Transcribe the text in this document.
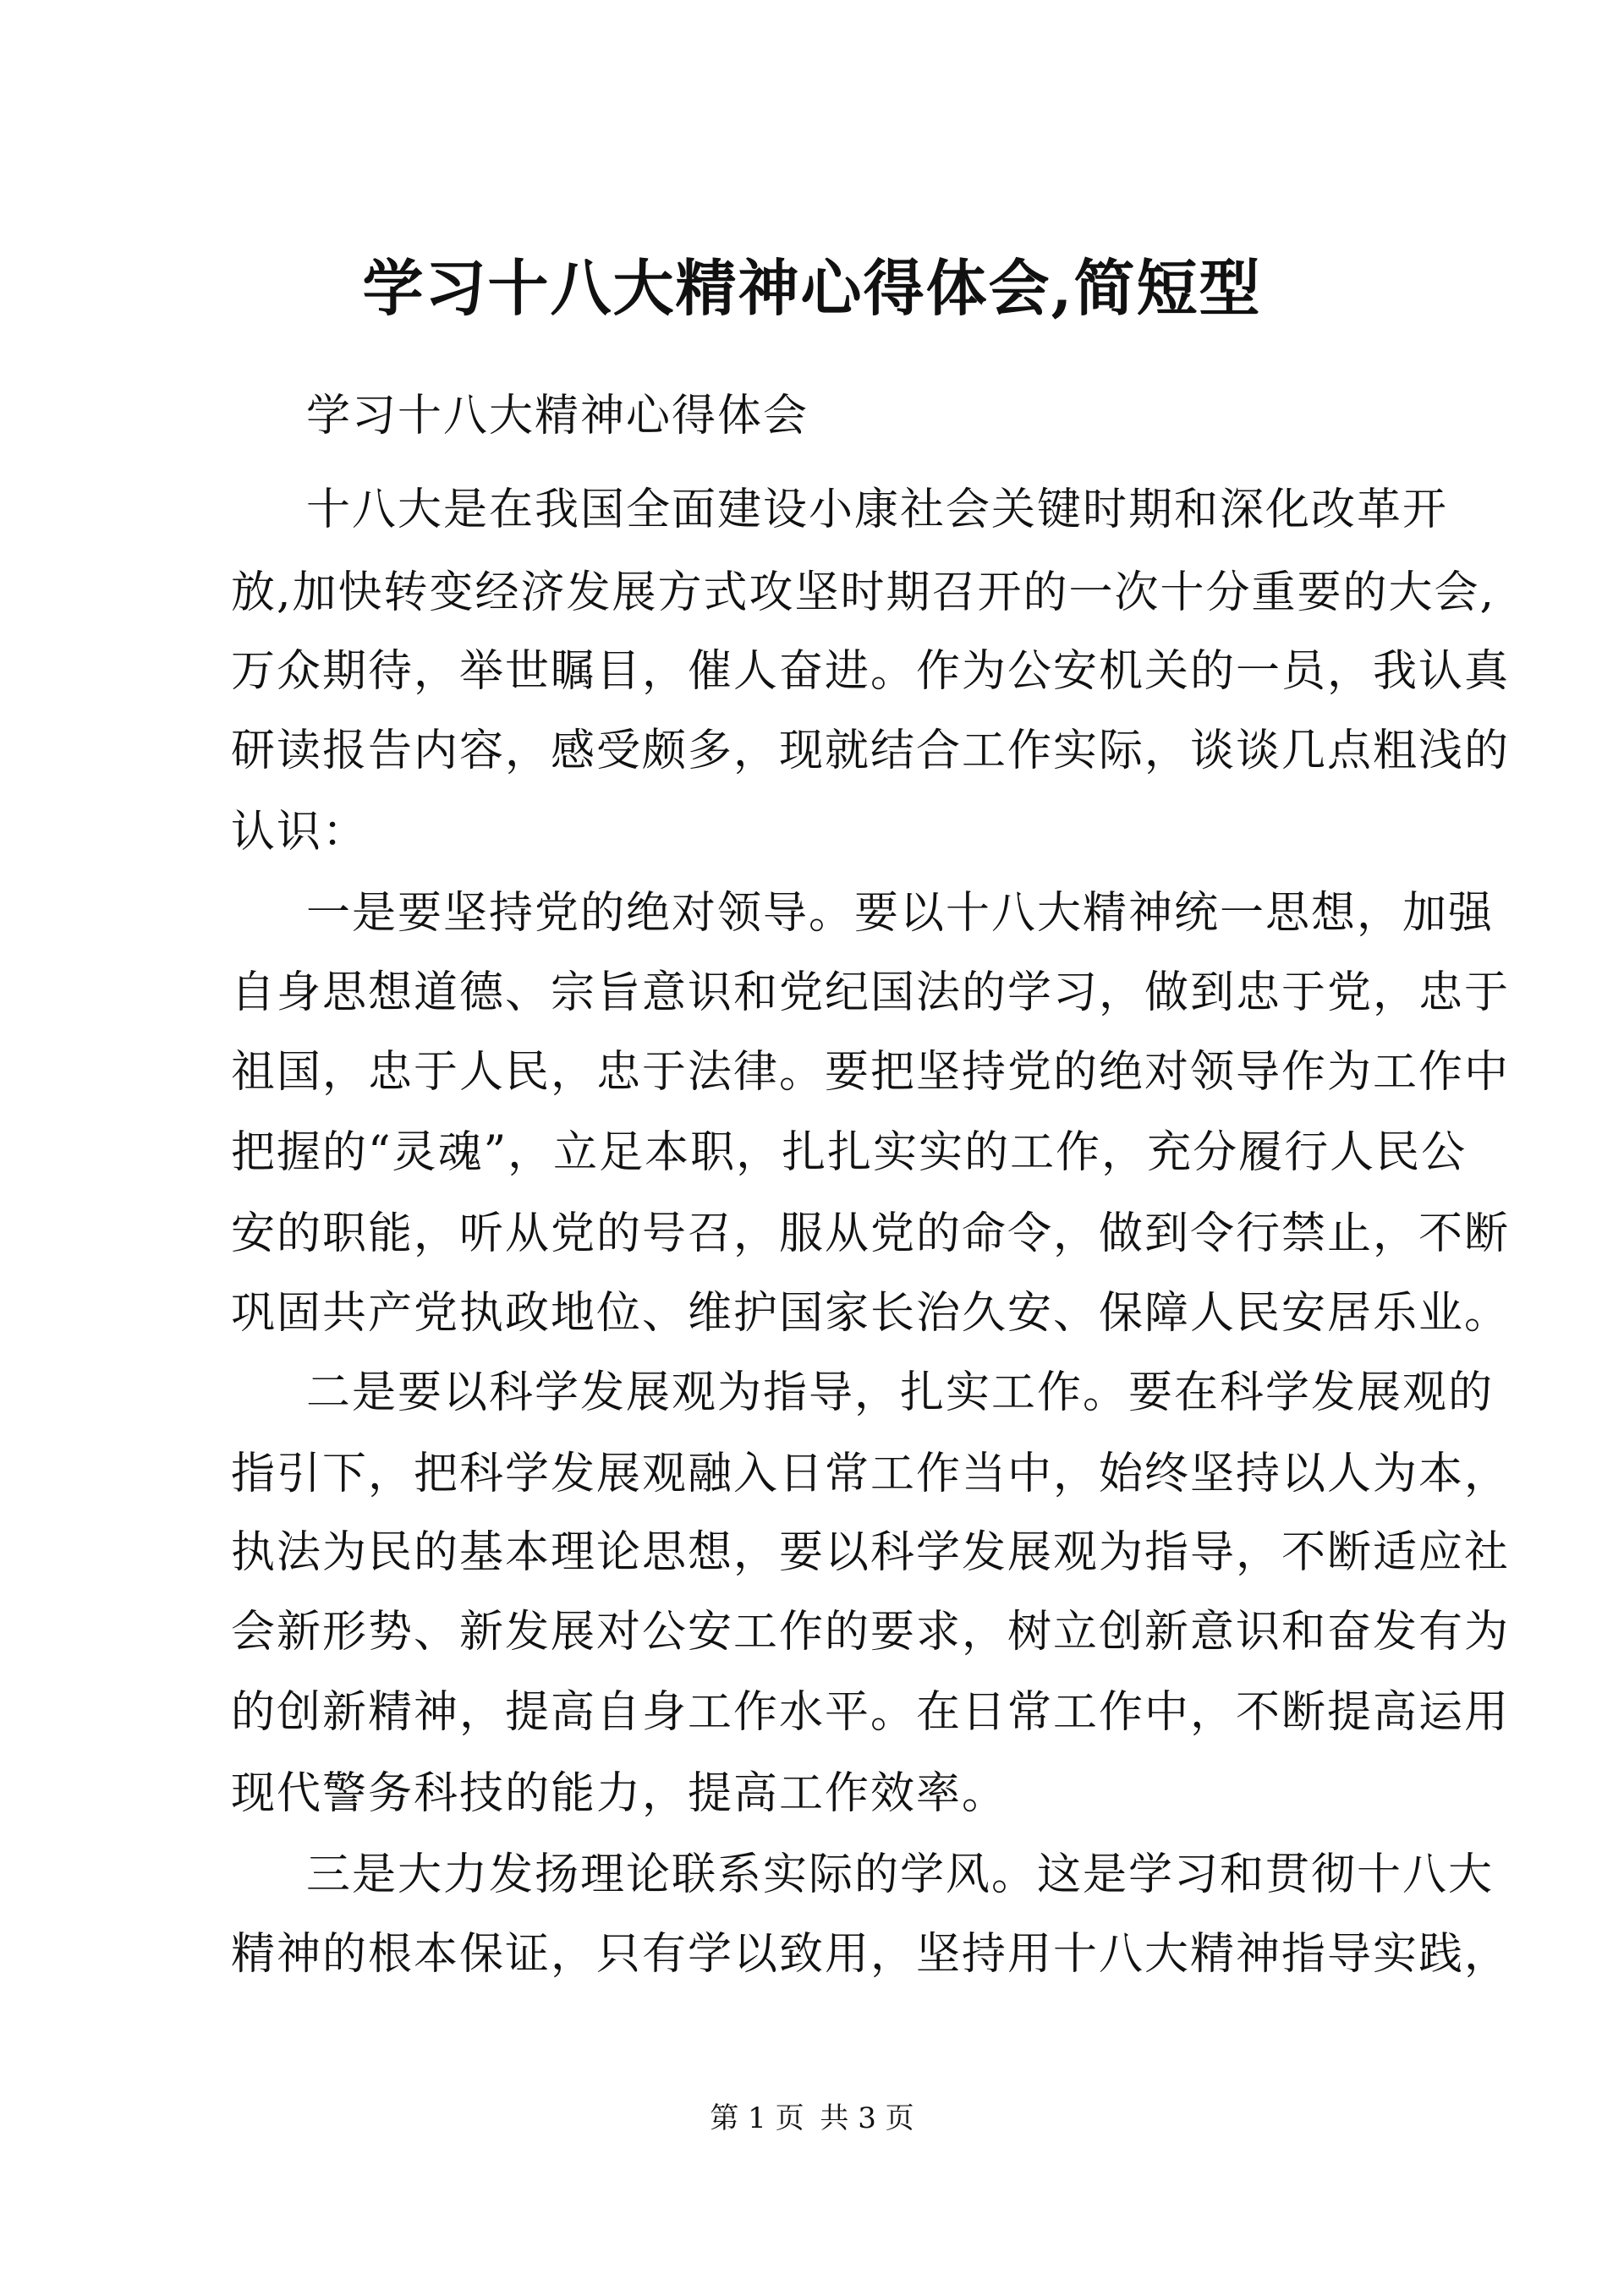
学习十八大精神心得体会,简短型

学习十八大精神心得体会

十八大是在我国全面建设小康社会关键时期和深化改革开

放,加快转变经济发展方式攻坚时期召开的一次十分重要的大会,

万众期待，举世瞩目，催人奋进。作为公安机关的一员，我认真

研读报告内容，感受颇多，现就结合工作实际，谈谈几点粗浅的

认识：

一是要坚持党的绝对领导。要以十八大精神统一思想，加强

自身思想道德、宗旨意识和党纪国法的学习，做到忠于党，忠于

祖国，忠于人民，忠于法律。要把坚持党的绝对领导作为工作中

把握的“灵魂”，立足本职，扎扎实实的工作，充分履行人民公

安的职能，听从党的号召，服从党的命令，做到令行禁止，不断

巩固共产党执政地位、维护国家长治久安、保障人民安居乐业。

二是要以科学发展观为指导，扎实工作。要在科学发展观的

指引下，把科学发展观融入日常工作当中，始终坚持以人为本，

执法为民的基本理论思想，要以科学发展观为指导，不断适应社

会新形势、新发展对公安工作的要求，树立创新意识和奋发有为

的创新精神，提高自身工作水平。在日常工作中，不断提高运用

现代警务科技的能力，提高工作效率。

三是大力发扬理论联系实际的学风。这是学习和贯彻十八大

精神的根本保证，只有学以致用，坚持用十八大精神指导实践，

第 1 页 共 3 页
